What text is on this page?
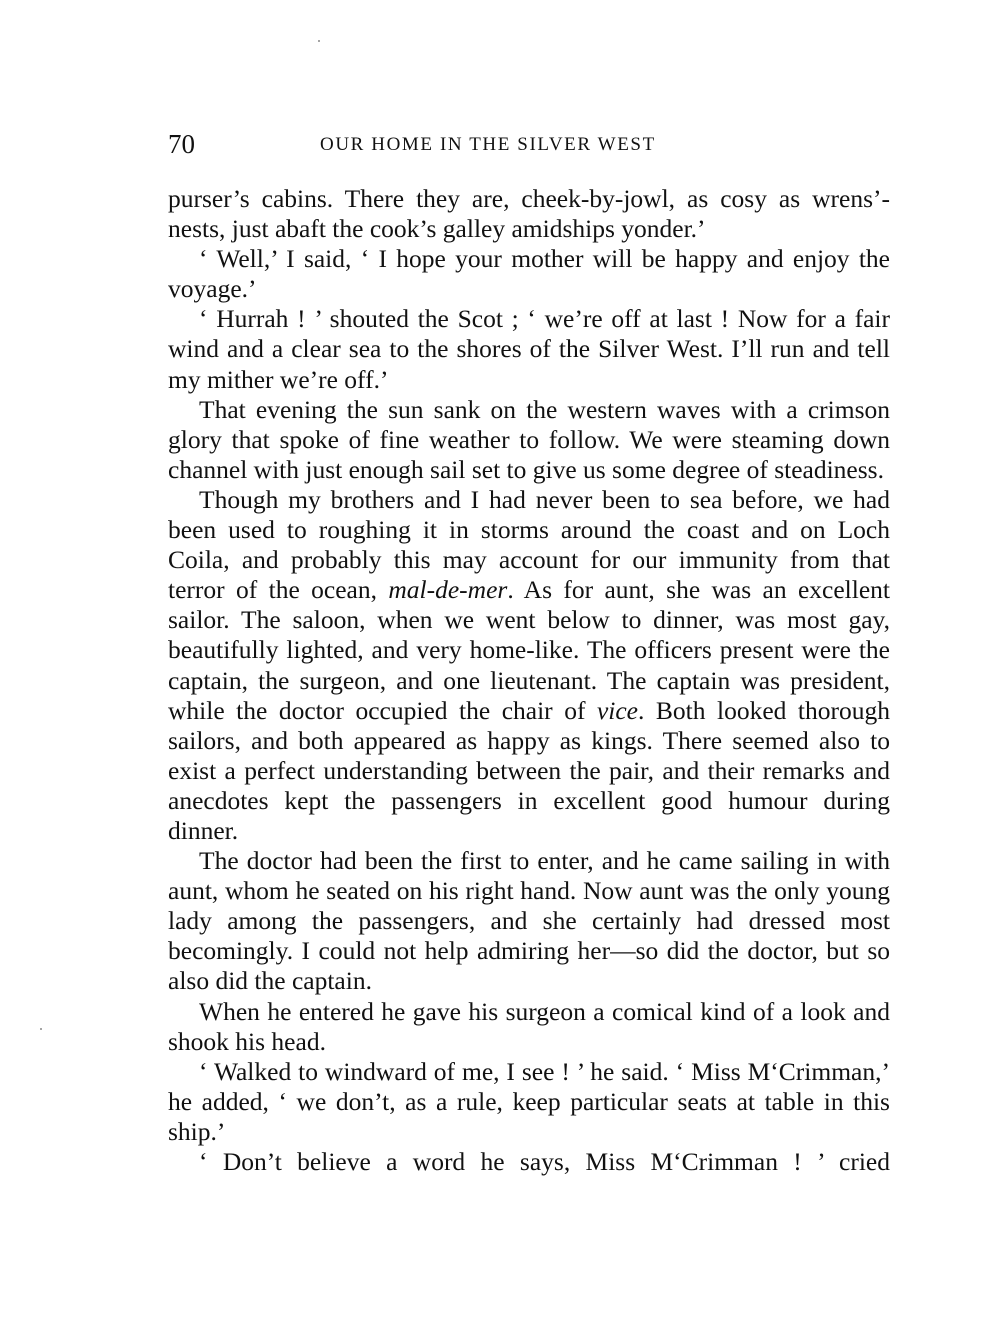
70	OUR HOME IN THE SILVER WEST

purser’s cabins. There they are, cheek-by-jowl, as cosy as wrens’-nests, just abaft the cook’s galley amidships yonder.’

‘ Well,’ I said, ‘ I hope your mother will be happy and enjoy the voyage.’

‘ Hurrah ! ’ shouted the Scot ; ‘ we’re off at last ! Now for a fair wind and a clear sea to the shores of the Silver West. I’ll run and tell my mither we’re off.’

That evening the sun sank on the western waves with a crimson glory that spoke of fine weather to follow. We were steaming down channel with just enough sail set to give us some degree of steadiness.

Though my brothers and I had never been to sea before, we had been used to roughing it in storms around the coast and on Loch Coila, and probably this may account for our immunity from that terror of the ocean, mal-de-mer. As for aunt, she was an excellent sailor. The saloon, when we went below to dinner, was most gay, beautifully lighted, and very home-like. The officers present were the captain, the surgeon, and one lieutenant. The captain was president, while the doctor occupied the chair of vice. Both looked thorough sailors, and both appeared as happy as kings. There seemed also to exist a perfect understanding between the pair, and their remarks and anecdotes kept the passengers in excellent good humour during dinner.

The doctor had been the first to enter, and he came sailing in with aunt, whom he seated on his right hand. Now aunt was the only young lady among the passengers, and she certainly had dressed most becomingly. I could not help admiring her—so did the doctor, but so also did the captain.

When he entered he gave his surgeon a comical kind of a look and shook his head.

‘ Walked to windward of me, I see ! ’ he said. ‘ Miss M‘Crimman,’ he added, ‘ we don’t, as a rule, keep particular seats at table in this ship.’

‘ Don’t believe a word he says, Miss M‘Crimman ! ’ cried
